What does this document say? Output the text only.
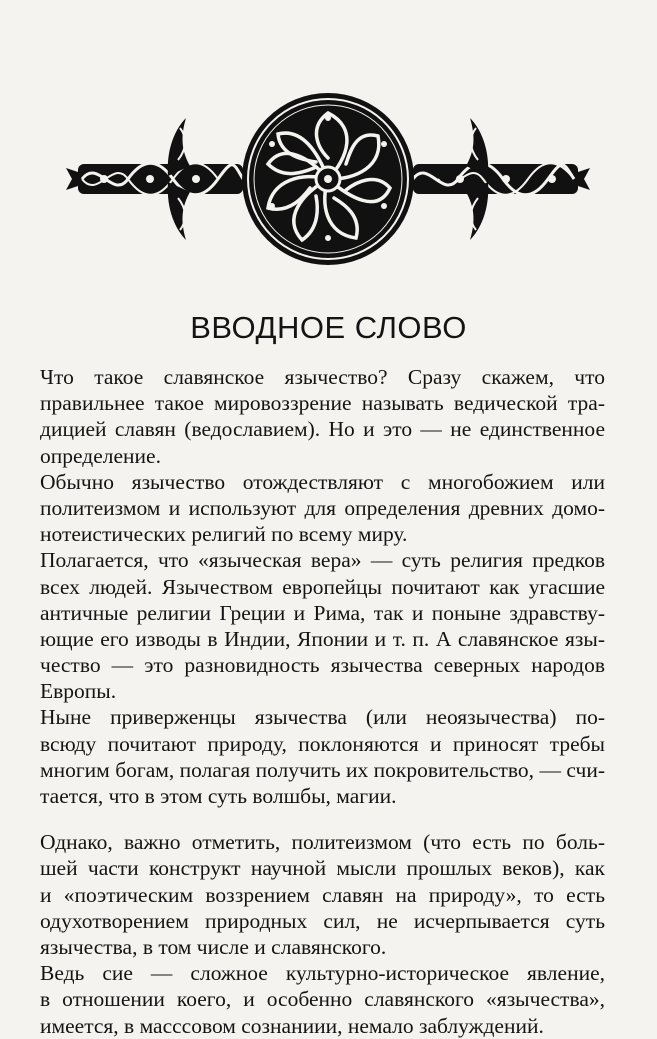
ВВОДНОЕ СЛОВО
Что такое славянское язычество? Сразу скажем, что
правильнее такое мировоззрение называть ведической тра-
дицией славян (ведославием). Но и это — не единственное
определение.
Обычно язычество отождествляют с многобожием или
политеизмом и используют для определения древних домо-
нотеистических религий по всему миру.
Полагается, что «языческая вера» — суть религия предков
всех людей. Язычеством европейцы почитают как угасшие
античные религии Греции и Рима, так и поныне здравству-
ющие его изводы в Индии, Японии и т. п. А славянское язы-
чество — это разновидность язычества северных народов
Европы.
Ныне приверженцы язычества (или неоязычества) по-
всюду почитают природу, поклоняются и приносят требы
многим богам, полагая получить их покровительство, — счи-
тается, что в этом суть волшбы, магии.
Однако, важно отметить, политеизмом (что есть по боль-
шей части конструкт научной мысли прошлых веков), как
и «поэтическим воззрением славян на природу», то есть
одухотворением природных сил, не исчерпывается суть
язычества, в том числе и славянского.
Ведь сие — сложное культурно-историческое явление,
в отношении коего, и особенно славянского «язычества»,
имеется, в масссовом сознаниии, немало заблуждений.
